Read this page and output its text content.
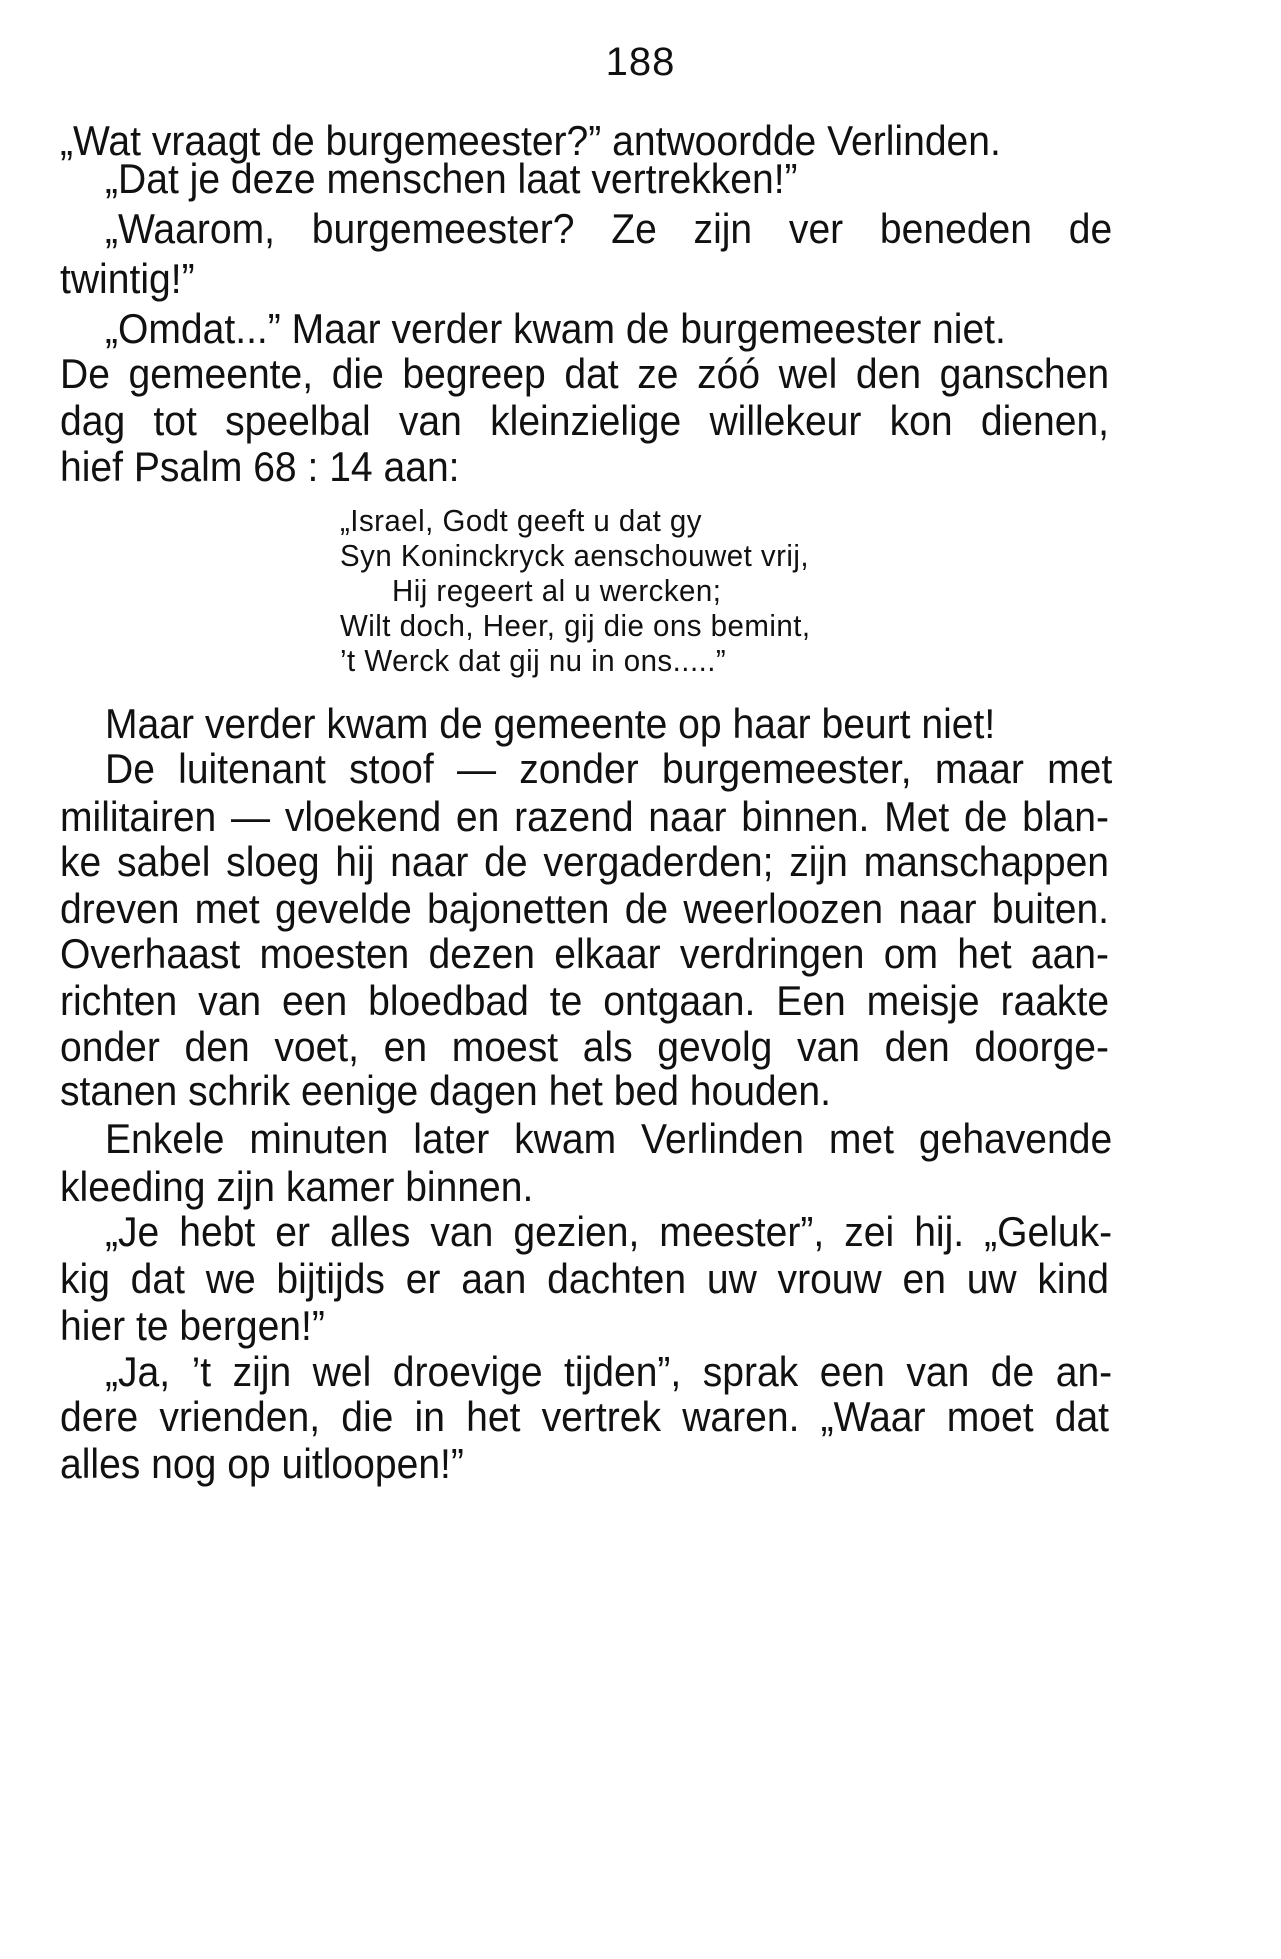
188
„Wat vraagt de burgemeester?” antwoordde Verlinden.
„Dat je deze menschen laat vertrekken!”
„Waarom, burgemeester? Ze zijn ver beneden de
twintig!”
„Omdat...” Maar verder kwam de burgemeester niet.
De gemeente, die begreep dat ze zóó wel den ganschen
dag tot speelbal van kleinzielige willekeur kon dienen,
hief Psalm 68 : 14 aan:
„Israel, Godt geeft u dat gy
Syn Koninckryck aenschouwet vrij,
Hij regeert al u wercken;
Wilt doch, Heer, gij die ons bemint,
’t Werck dat gij nu in ons.....”
Maar verder kwam de gemeente op haar beurt niet!
De luitenant stoof — zonder burgemeester, maar met
militairen — vloekend en razend naar binnen. Met de blan-
ke sabel sloeg hij naar de vergaderden; zijn manschappen
dreven met gevelde bajonetten de weerloozen naar buiten.
Overhaast moesten dezen elkaar verdringen om het aan-
richten van een bloedbad te ontgaan. Een meisje raakte
onder den voet, en moest als gevolg van den doorge-
stanen schrik eenige dagen het bed houden.
Enkele minuten later kwam Verlinden met gehavende
kleeding zijn kamer binnen.
„Je hebt er alles van gezien, meester”, zei hij. „Geluk-
kig dat we bijtijds er aan dachten uw vrouw en uw kind
hier te bergen!”
„Ja, ’t zijn wel droevige tijden”, sprak een van de an-
dere vrienden, die in het vertrek waren. „Waar moet dat
alles nog op uitloopen!”
